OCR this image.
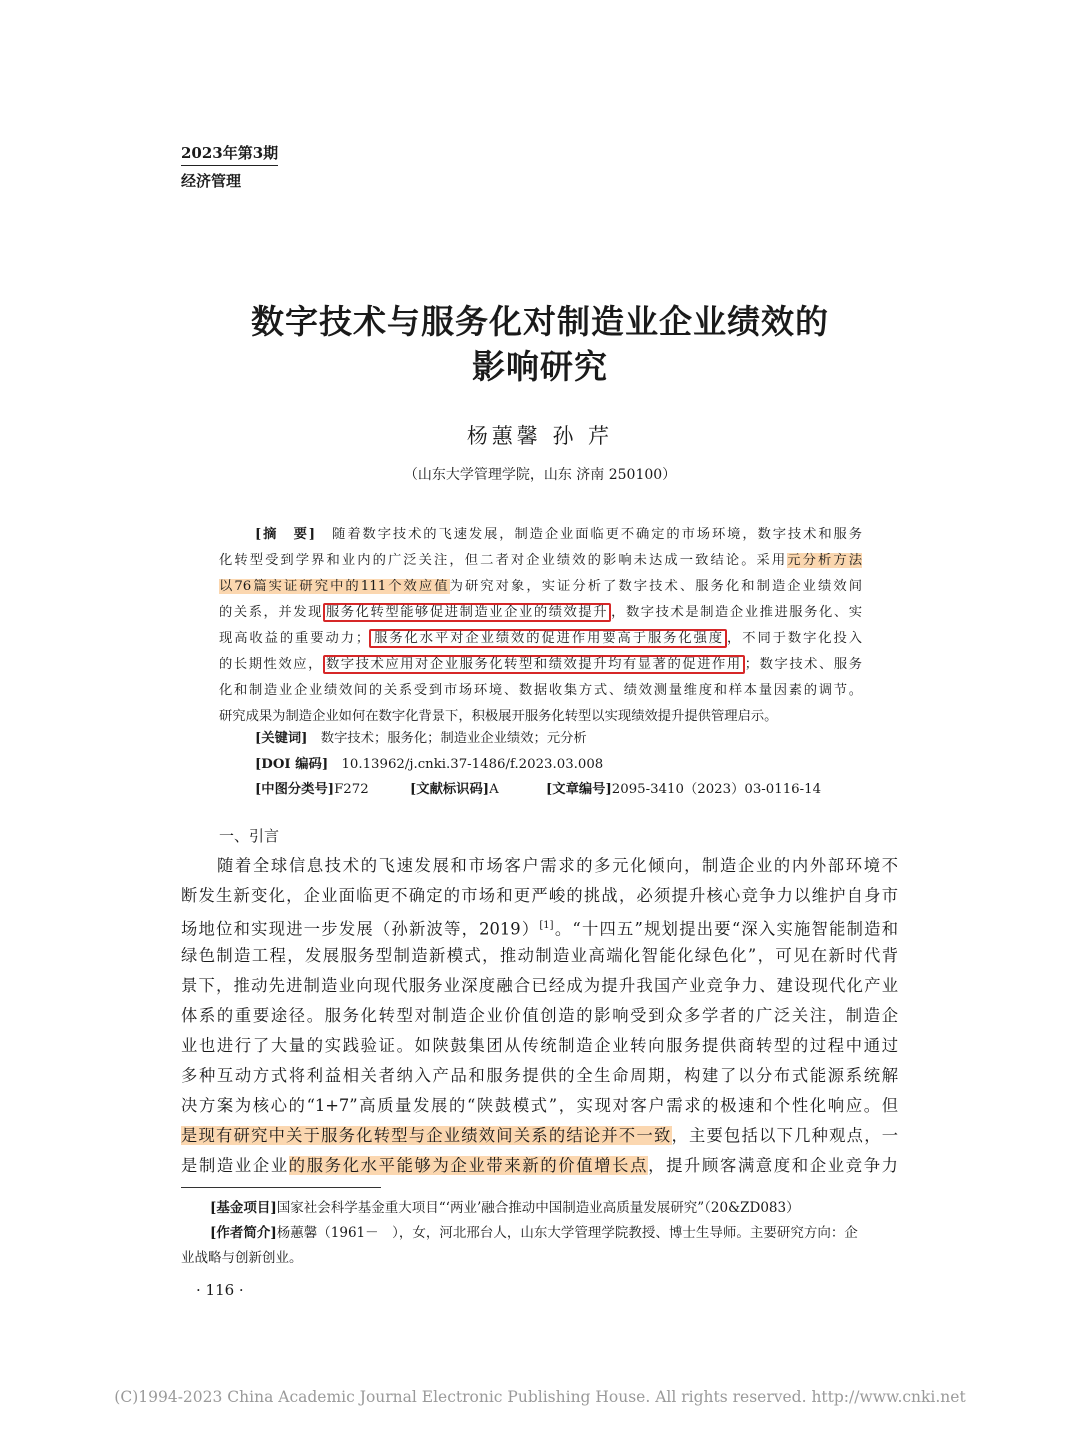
2023年第3期
经济管理
数字技术与服务化对制造业企业绩效的
影响研究
杨蕙馨 孙 芹
（山东大学管理学院，山东 济南 250100）
[摘　要]　 随着数字技术的飞速发展，制造企业面临更不确定的市场环境，数字技术和服务
化转型受到学界和业内的广泛关注，但二者对企业绩效的影响未达成一致结论。采用元分析方法
以76篇实证研究中的111个效应值为研究对象，实证分析了数字技术、服务化和制造企业绩效间
的关系，并发现 服务化转型能够促进制造业企业的绩效提升 ，数字技术是制造企业推进服务化、实
现高收益的重要动力； 服务化水平对企业绩效的促进作用要高于服务化强度 ，不同于数字化投入
的长期性效应， 数字技术应用对企业服务化转型和绩效提升均有显著的促进作用 ；数字技术、服务
化和制造业企业绩效间的关系受到市场环境、数据收集方式、绩效测量维度和样本量因素的调节。
研究成果为制造企业如何在数字化背景下，积极展开服务化转型以实现绩效提升提供管理启示。
[关键词]　 数字技术；服务化；制造业企业绩效；元分析
[DOI 编码]　 10.13962/j.cnki.37-1486/f.2023.03.008
[中图分类号]F272	[文献标识码]A	[文章编号]2095-3410（2023）03-0116-14
一、引言
随着全球信息技术的飞速发展和市场客户需求的多元化倾向，制造企业的内外部环境不
断发生新变化，企业面临更不确定的市场和更严峻的挑战，必须提升核心竞争力以维护自身市
场地位和实现进一步发展（孙新波等，2019）[1]。“十四五”规划提出要“深入实施智能制造和
绿色制造工程，发展服务型制造新模式，推动制造业高端化智能化绿色化”，可见在新时代背
景下，推动先进制造业向现代服务业深度融合已经成为提升我国产业竞争力、建设现代化产业
体系的重要途径。服务化转型对制造企业价值创造的影响受到众多学者的广泛关注，制造企
业也进行了大量的实践验证。如陕鼓集团从传统制造企业转向服务提供商转型的过程中通过
多种互动方式将利益相关者纳入产品和服务提供的全生命周期，构建了以分布式能源系统解
决方案为核心的“1+7”高质量发展的“陕鼓模式”，实现对客户需求的极速和个性化响应。但
是现有研究中关于服务化转型与企业绩效间关系的结论并不一致，主要包括以下几种观点，一
是制造业企业的服务化水平能够为企业带来新的价值增长点，提升顾客满意度和企业竞争力
[基金项目]国家社会科学基金重大项目“‘两业’融合推动中国制造业高质量发展研究”（20&ZD083）
[作者简介]杨蕙馨（1961－　），女，河北邢台人，山东大学管理学院教授、博士生导师。主要研究方向：企
业战略与创新创业。
· 116 ·
(C)1994-2023 China Academic Journal Electronic Publishing House. All rights reserved. http://www.cnki.net
